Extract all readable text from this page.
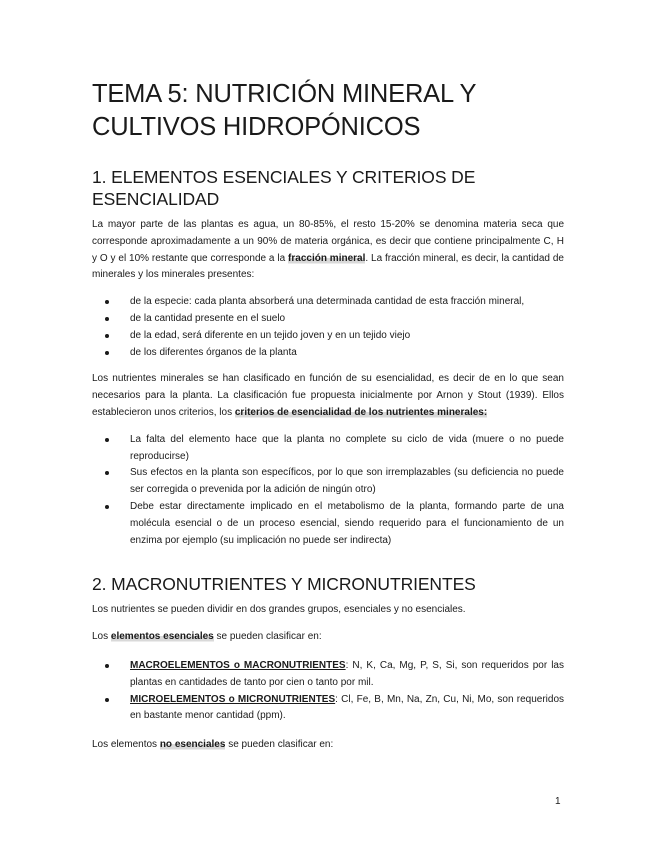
TEMA 5: NUTRICIÓN MINERAL Y CULTIVOS HIDROPÓNICOS
1. ELEMENTOS ESENCIALES Y CRITERIOS DE ESENCIALIDAD

La mayor parte de las plantas es agua, un 80-85%, el resto 15-20% se denomina materia seca que corresponde aproximadamente a un 90% de materia orgánica, es decir que contiene principalmente C, H y O y el 10% restante que corresponde a la fracción mineral. La fracción mineral, es decir, la cantidad de minerales y los minerales presentes:

de la especie: cada planta absorberá una determinada cantidad de esta fracción mineral,
de la cantidad presente en el suelo
de la edad, será diferente en un tejido joven y en un tejido viejo
de los diferentes órganos de la planta

Los nutrientes minerales se han clasificado en función de su esencialidad, es decir de en lo que sean necesarios para la planta. La clasificación fue propuesta inicialmente por Arnon y Stout (1939). Ellos establecieron unos criterios, los criterios de esencialidad de los nutrientes minerales:

La falta del elemento hace que la planta no complete su ciclo de vida (muere o no puede reproducirse)
Sus efectos en la planta son específicos, por lo que son irremplazables (su deficiencia no puede ser corregida o prevenida por la adición de ningún otro)
Debe estar directamente implicado en el metabolismo de la planta, formando parte de una molécula esencial o de un proceso esencial, siendo requerido para el funcionamiento de un enzima por ejemplo (su implicación no puede ser indirecta)
2. MACRONUTRIENTES Y MICRONUTRIENTES

Los nutrientes se pueden dividir en dos grandes grupos, esenciales y no esenciales.

Los elementos esenciales se pueden clasificar en:

MACROELEMENTOS o MACRONUTRIENTES: N, K, Ca, Mg, P, S, Si, son requeridos por las plantas en cantidades de tanto por cien o tanto por mil.
MICROELEMENTOS o MICRONUTRIENTES: Cl, Fe, B, Mn, Na, Zn, Cu, Ni, Mo, son requeridos en bastante menor cantidad (ppm).

Los elementos no esenciales se pueden clasificar en:

1
